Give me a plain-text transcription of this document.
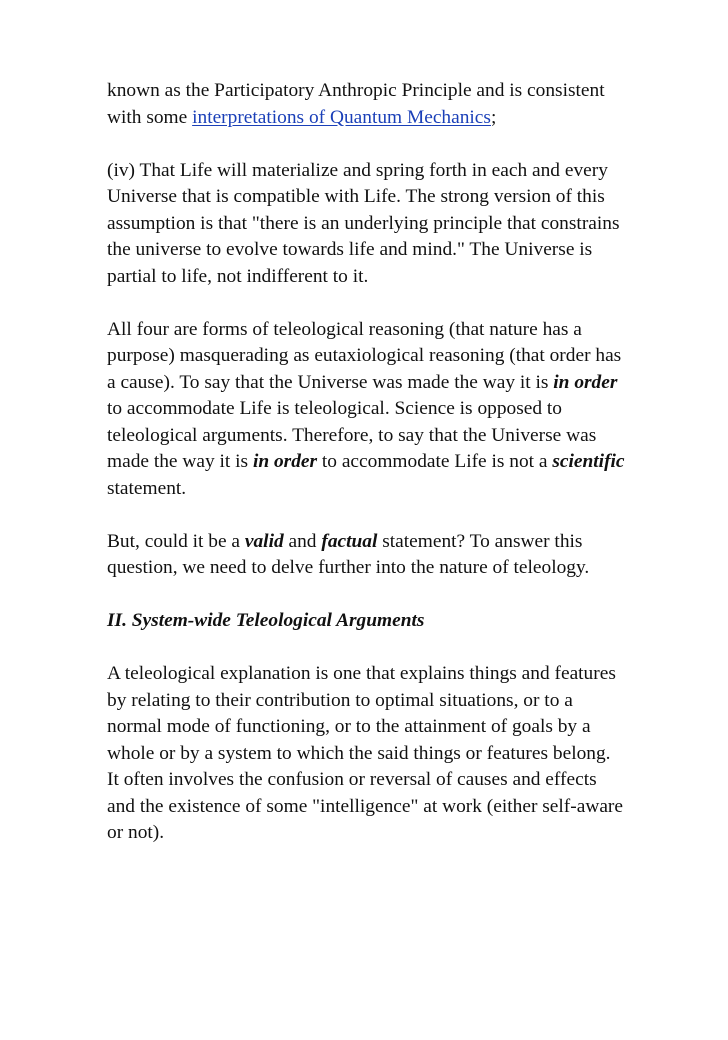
known as the Participatory Anthropic Principle and is consistent with some interpretations of Quantum Mechanics;

(iv) That Life will materialize and spring forth in each and every Universe that is compatible with Life. The strong version of this assumption is that "there is an underlying principle that constrains the universe to evolve towards life and mind." The Universe is partial to life, not indifferent to it.

All four are forms of teleological reasoning (that nature has a purpose) masquerading as eutaxiological reasoning (that order has a cause). To say that the Universe was made the way it is in order to accommodate Life is teleological. Science is opposed to teleological arguments. Therefore, to say that the Universe was made the way it is in order to accommodate Life is not a scientific statement.

But, could it be a valid and factual statement? To answer this question, we need to delve further into the nature of teleology.

II. System-wide Teleological Arguments

A teleological explanation is one that explains things and features by relating to their contribution to optimal situations, or to a normal mode of functioning, or to the attainment of goals by a whole or by a system to which the said things or features belong. It often involves the confusion or reversal of causes and effects and the existence of some "intelligence" at work (either self-aware or not).
